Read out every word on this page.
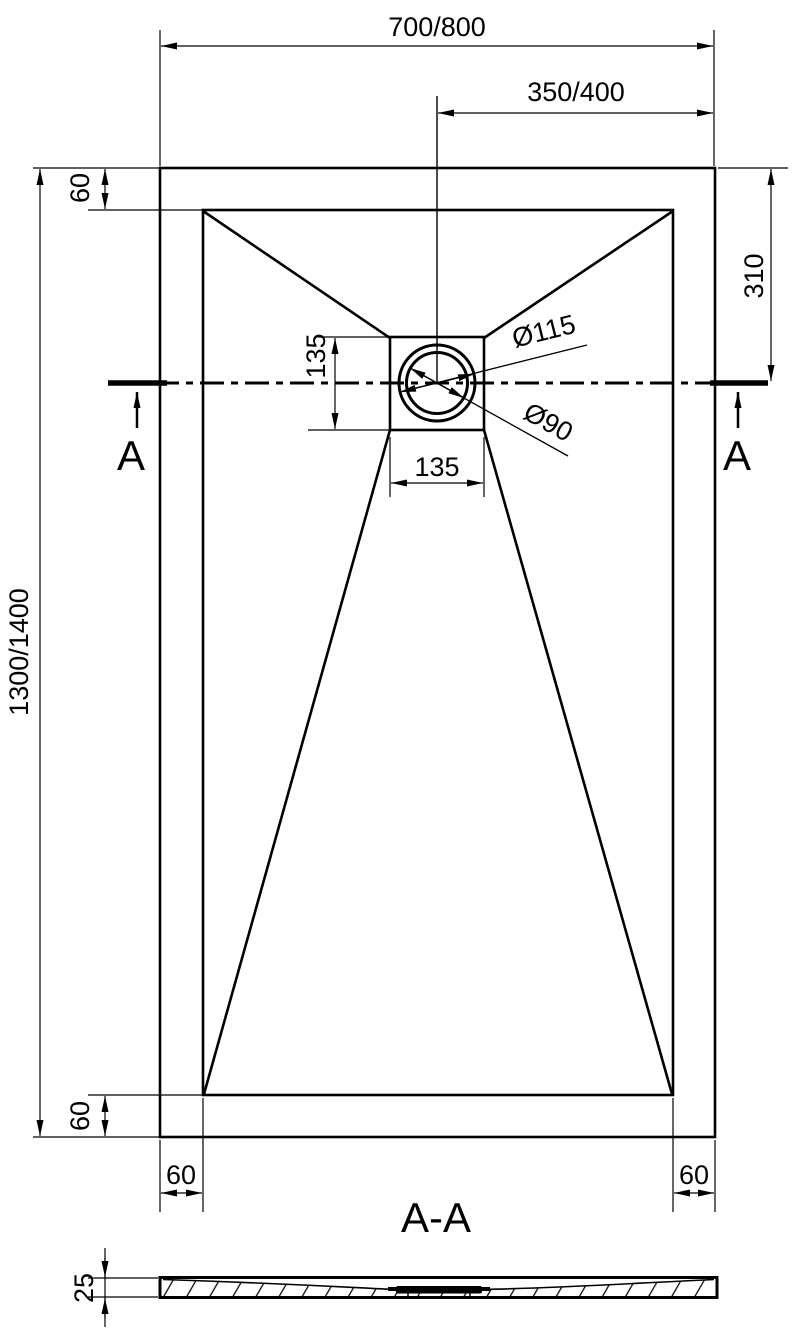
700/800
350/400
60
310
135
135
Ø115
Ø90
1300/1400
60
60	60
A	A
A-A
25
